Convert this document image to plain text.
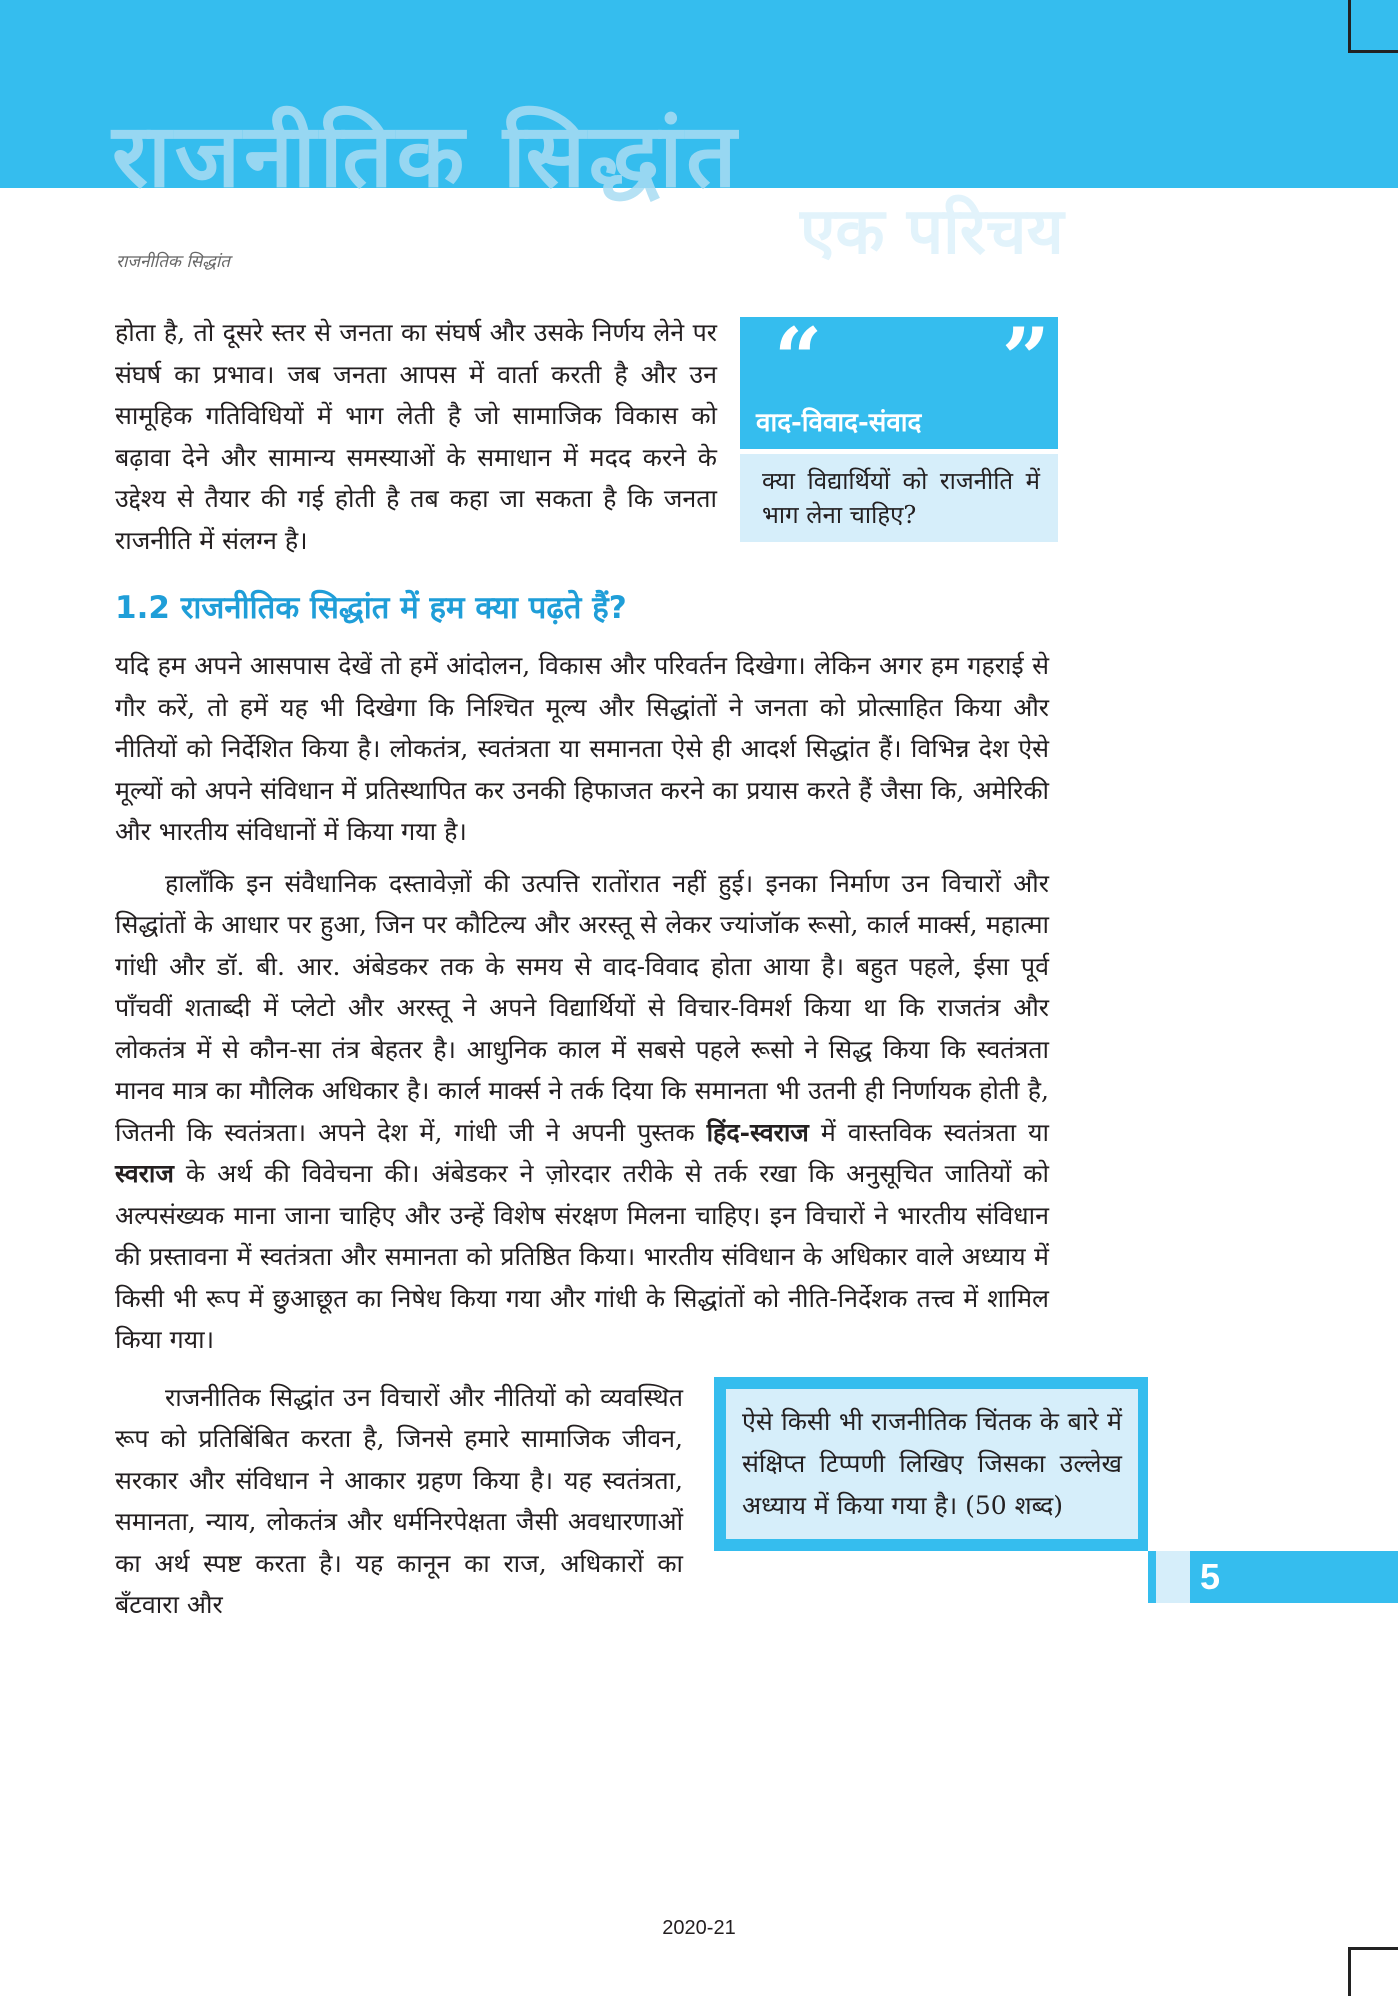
राजनीतिक सिद्धांत
एक परिचय
राजनीतिक सिद्धांत

होता है, तो दूसरे स्तर से जनता का संघर्ष और उसके निर्णय लेने पर संघर्ष का प्रभाव। जब जनता आपस में वार्ता करती है और उन सामूहिक गतिविधियों में भाग लेती है जो सामाजिक विकास को बढ़ावा देने और सामान्य समस्याओं के समाधान में मदद करने के उद्देश्य से तैयार की गई होती है तब कहा जा सकता है कि जनता राजनीति में संलग्न है।

“ ”
वाद-विवाद-संवाद
क्या विद्यार्थियों को राजनीति में भाग लेना चाहिए?
1.2 राजनीतिक सिद्धांत में हम क्या पढ़ते हैं?

यदि हम अपने आसपास देखें तो हमें आंदोलन, विकास और परिवर्तन दिखेगा। लेकिन अगर हम गहराई से गौर करें, तो हमें यह भी दिखेगा कि निश्चित मूल्य और सिद्धांतों ने जनता को प्रोत्साहित किया और नीतियों को निर्देशित किया है। लोकतंत्र, स्वतंत्रता या समानता ऐसे ही आदर्श सिद्धांत हैं। विभिन्न देश ऐसे मूल्यों को अपने संविधान में प्रतिस्थापित कर उनकी हिफाजत करने का प्रयास करते हैं जैसा कि, अमेरिकी और भारतीय संविधानों में किया गया है।

हालाँकि इन संवैधानिक दस्तावेज़ों की उत्पत्ति रातोंरात नहीं हुई। इनका निर्माण उन विचारों और सिद्धांतों के आधार पर हुआ, जिन पर कौटिल्य और अरस्तू से लेकर ज्यांजॉक रूसो, कार्ल मार्क्स, महात्मा गांधी और डॉ. बी. आर. अंबेडकर तक के समय से वाद-विवाद होता आया है। बहुत पहले, ईसा पूर्व पाँचवीं शताब्दी में प्लेटो और अरस्तू ने अपने विद्यार्थियों से विचार-विमर्श किया था कि राजतंत्र और लोकतंत्र में से कौन-सा तंत्र बेहतर है। आधुनिक काल में सबसे पहले रूसो ने सिद्ध किया कि स्वतंत्रता मानव मात्र का मौलिक अधिकार है। कार्ल मार्क्स ने तर्क दिया कि समानता भी उतनी ही निर्णायक होती है, जितनी कि स्वतंत्रता। अपने देश में, गांधी जी ने अपनी पुस्तक हिंद-स्वराज में वास्तविक स्वतंत्रता या स्वराज के अर्थ की विवेचना की। अंबेडकर ने ज़ोरदार तरीके से तर्क रखा कि अनुसूचित जातियों को अल्पसंख्यक माना जाना चाहिए और उन्हें विशेष संरक्षण मिलना चाहिए। इन विचारों ने भारतीय संविधान की प्रस्तावना में स्वतंत्रता और समानता को प्रतिष्ठित किया। भारतीय संविधान के अधिकार वाले अध्याय में किसी भी रूप में छुआछूत का निषेध किया गया और गांधी के सिद्धांतों को नीति-निर्देशक तत्त्व में शामिल किया गया।

राजनीतिक सिद्धांत उन विचारों और नीतियों को व्यवस्थित रूप को प्रतिबिंबित करता है, जिनसे हमारे सामाजिक जीवन, सरकार और संविधान ने आकार ग्रहण किया है। यह स्वतंत्रता, समानता, न्याय, लोकतंत्र और धर्मनिरपेक्षता जैसी अवधारणाओं का अर्थ स्पष्ट करता है। यह कानून का राज, अधिकारों का बँटवारा और

ऐसे किसी भी राजनीतिक चिंतक के बारे में संक्षिप्त टिप्पणी लिखिए जिसका उल्लेख अध्याय में किया गया है। (50 शब्द)
5
2020-21
